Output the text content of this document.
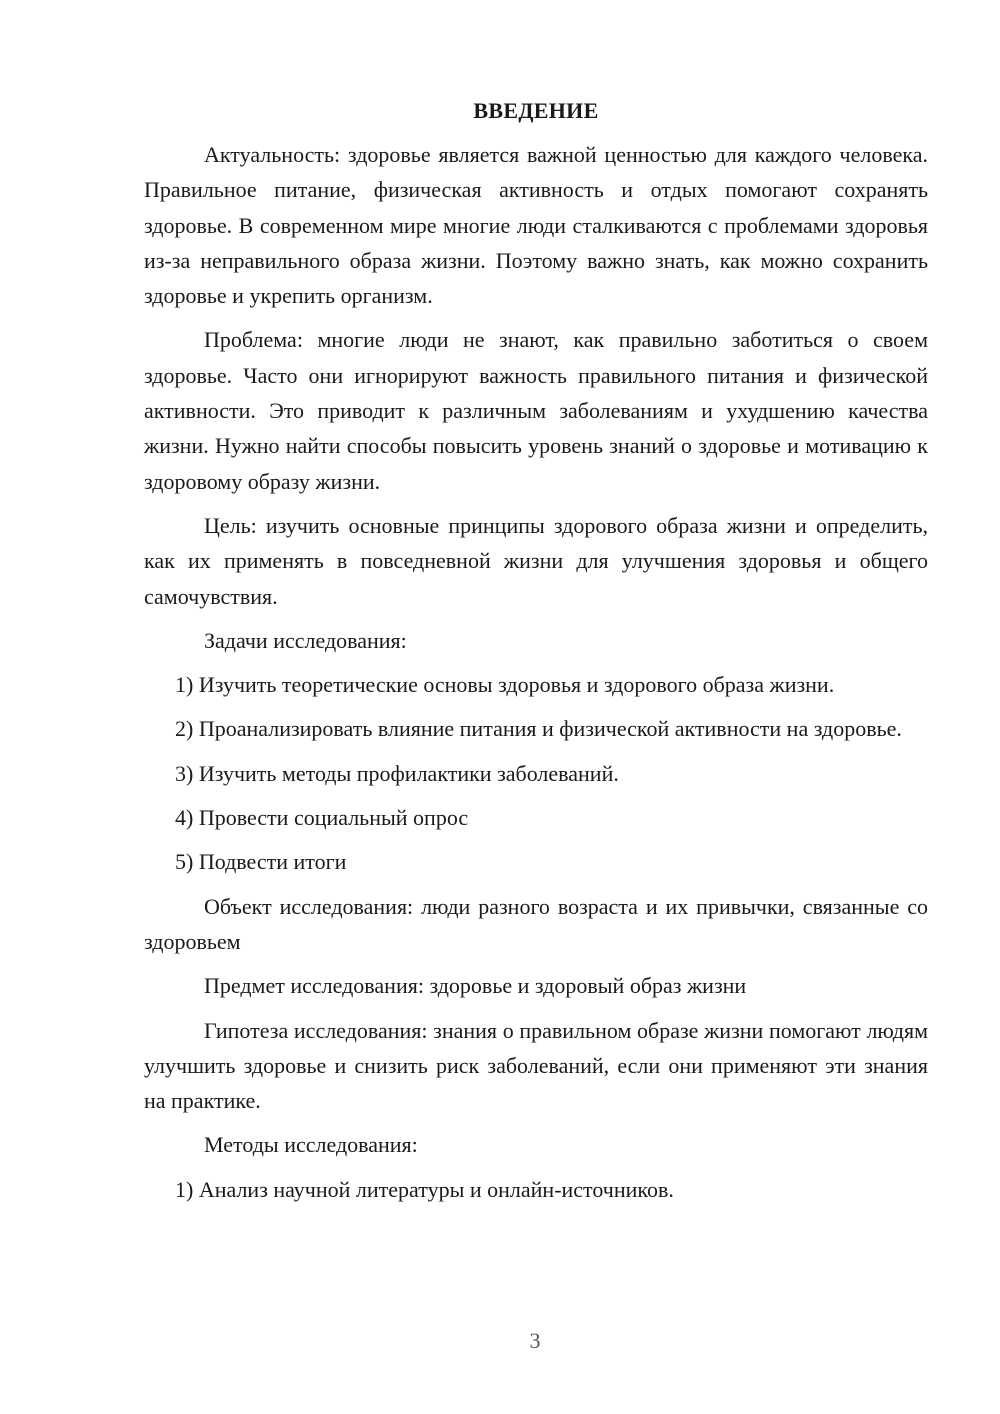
ВВЕДЕНИЕ

Актуальность: здоровье является важной ценностью для каждого человека. Правильное питание, физическая активность и отдых помогают сохранять здоровье. В современном мире многие люди сталкиваются с проблемами здоровья из-за неправильного образа жизни. Поэтому важно знать, как можно сохранить здоровье и укрепить организм.

Проблема: многие люди не знают, как правильно заботиться о своем здоровье. Часто они игнорируют важность правильного питания и физической активности. Это приводит к различным заболеваниям и ухудшению качества жизни. Нужно найти способы повысить уровень знаний о здоровье и мотивацию к здоровому образу жизни.

Цель: изучить основные принципы здорового образа жизни и определить, как их применять в повседневной жизни для улучшения здоровья и общего самочувствия.

Задачи исследования:

1) Изучить теоретические основы здоровья и здорового образа жизни.

2) Проанализировать влияние питания и физической активности на здоровье.

3) Изучить методы профилактики заболеваний.

4) Провести социальный опрос

5) Подвести итоги

Объект исследования: люди разного возраста и их привычки, связанные со здоровьем

Предмет исследования: здоровье и здоровый образ жизни

Гипотеза исследования: знания о правильном образе жизни помогают людям улучшить здоровье и снизить риск заболеваний, если они применяют эти знания на практике.

Методы исследования:

1) Анализ научной литературы и онлайн-источников.

3
